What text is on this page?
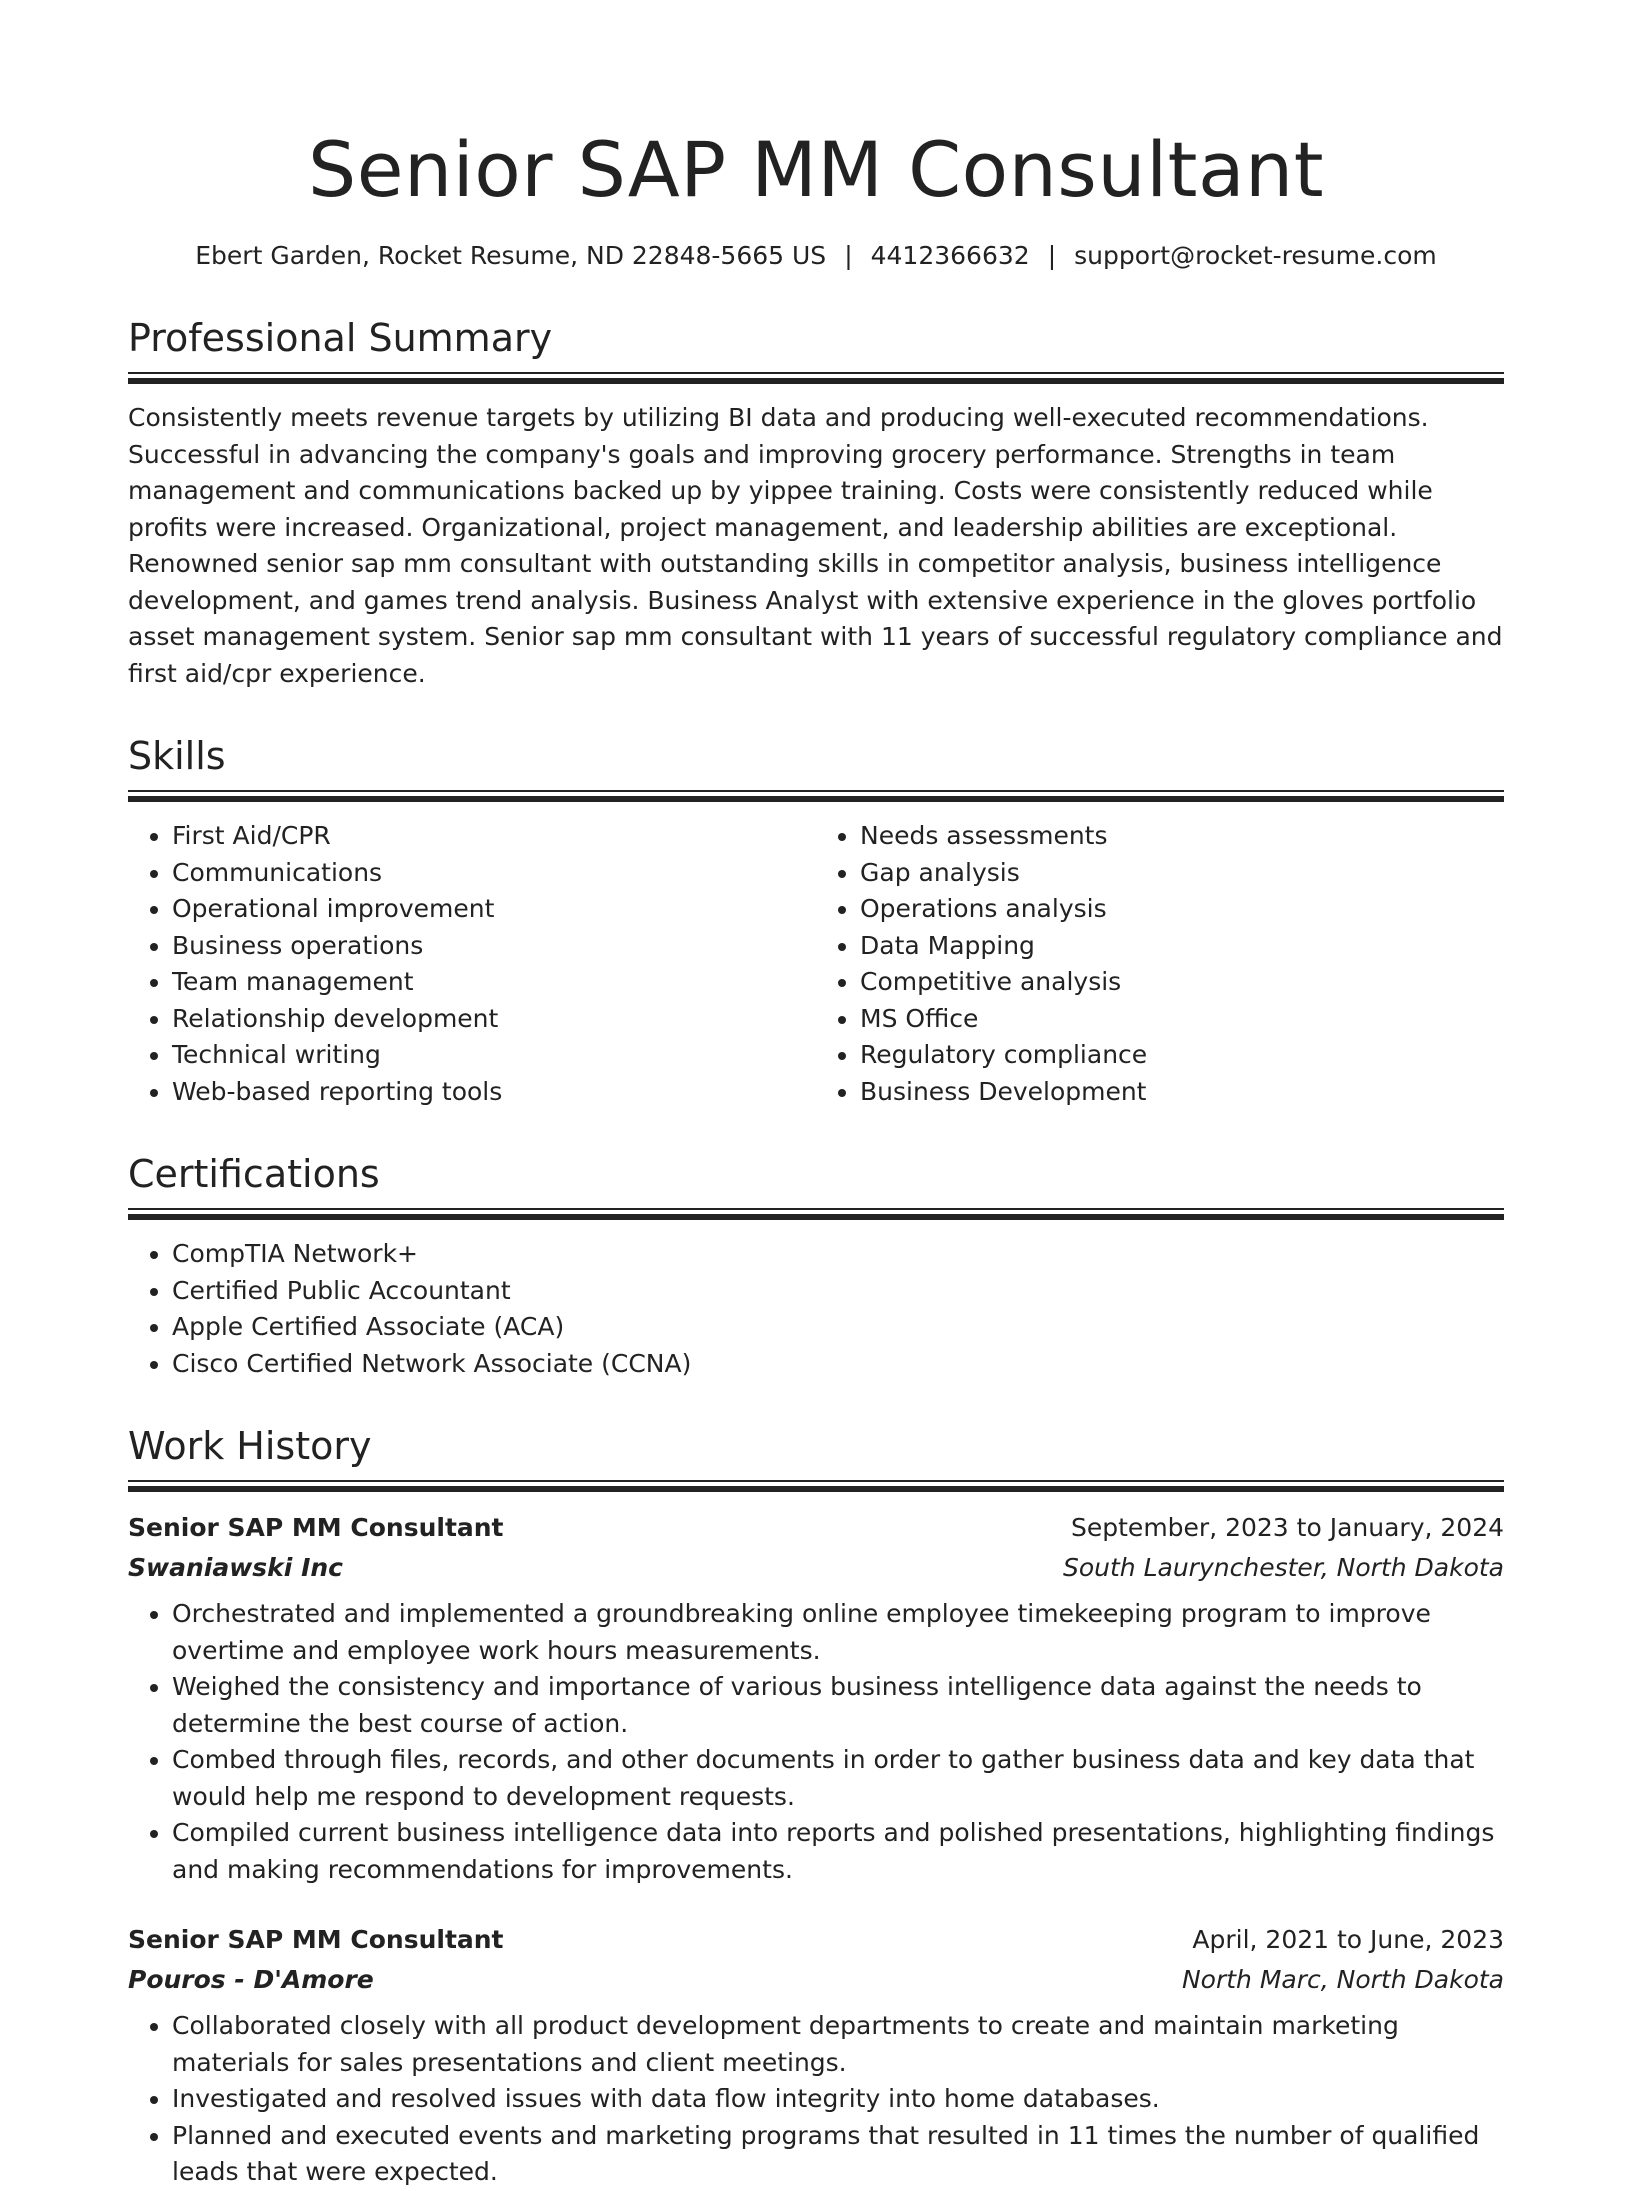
Senior SAP MM Consultant
Ebert Garden, Rocket Resume, ND 22848-5665 US | 4412366632 | support@rocket-resume.com
Professional Summary

Consistently meets revenue targets by utilizing BI data and producing well-executed recommendations. Successful in advancing the company's goals and improving grocery performance. Strengths in team management and communications backed up by yippee training. Costs were consistently reduced while profits were increased. Organizational, project management, and leadership abilities are exceptional. Renowned senior sap mm consultant with outstanding skills in competitor analysis, business intelligence development, and games trend analysis. Business Analyst with extensive experience in the gloves portfolio asset management system. Senior sap mm consultant with 11 years of successful regulatory compliance and first aid/cpr experience.

Skills
• First Aid/CPR
• Communications
• Operational improvement
• Business operations
• Team management
• Relationship development
• Technical writing
• Web-based reporting tools
• Needs assessments
• Gap analysis
• Operations analysis
• Data Mapping
• Competitive analysis
• MS Office
• Regulatory compliance
• Business Development
Certifications
• CompTIA Network+
• Certified Public Accountant
• Apple Certified Associate (ACA)
• Cisco Certified Network Associate (CCNA)
Work History
Senior SAP MM Consultant	September, 2023 to January, 2024
Swaniawski Inc	South Laurynchester, North Dakota
• Orchestrated and implemented a groundbreaking online employee timekeeping program to improve overtime and employee work hours measurements.
• Weighed the consistency and importance of various business intelligence data against the needs to determine the best course of action.
• Combed through files, records, and other documents in order to gather business data and key data that would help me respond to development requests.
• Compiled current business intelligence data into reports and polished presentations, highlighting findings and making recommendations for improvements.
Senior SAP MM Consultant	April, 2021 to June, 2023
Pouros - D'Amore	North Marc, North Dakota
• Collaborated closely with all product development departments to create and maintain marketing materials for sales presentations and client meetings.
• Investigated and resolved issues with data flow integrity into home databases.
• Planned and executed events and marketing programs that resulted in 11 times the number of qualified leads that were expected.
